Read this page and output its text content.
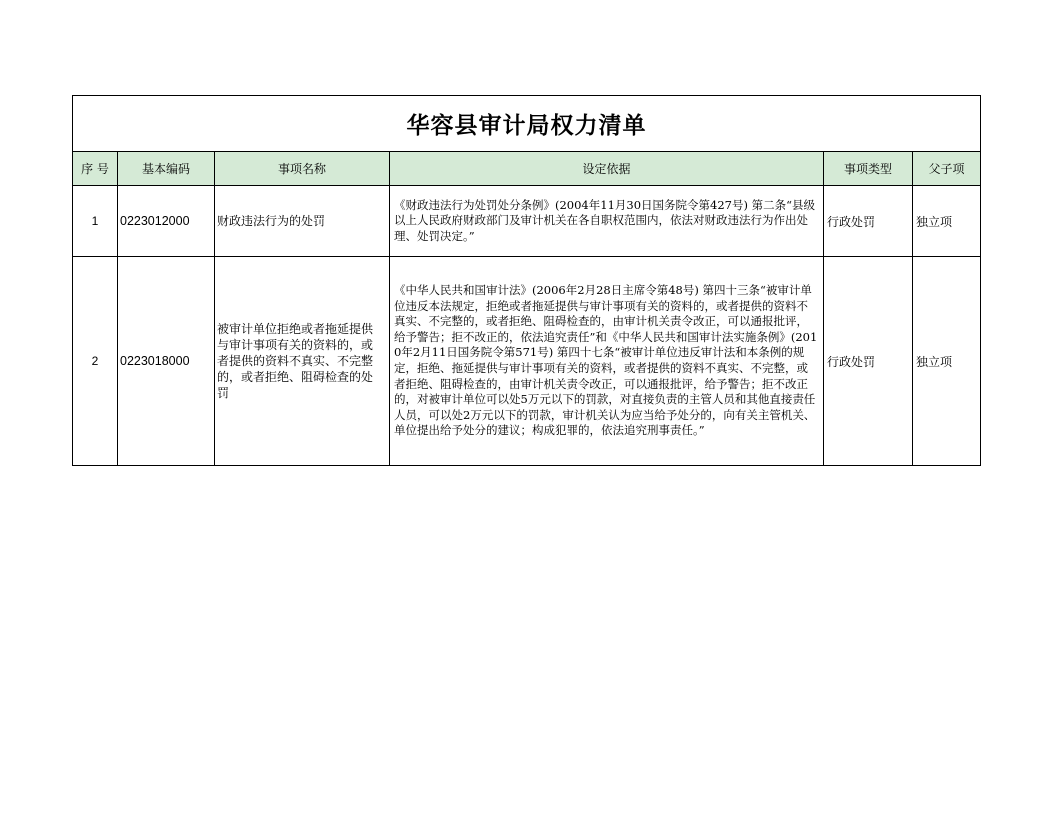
华容县审计局权力清单					
序 号	基本编码	事项名称	设定依据	事项类型	父子项
1	0223012000	财政违法行为的处罚	《财政违法行为处罚处分条例》(2004年11月30日国务院令第427号) 第二条“县级以上人民政府财政部门及审计机关在各自职权范围内，依法对财政违法行为作出处理、处罚决定。”	行政处罚	独立项
2	0223018000	被审计单位拒绝或者拖延提供与审计事项有关的资料的，或者提供的资料不真实、不完整的，或者拒绝、阻碍检查的处罚	《中华人民共和国审计法》(2006年2月28日主席令第48号) 第四十三条“被审计单位违反本法规定，拒绝或者拖延提供与审计事项有关的资料的，或者提供的资料不真实、不完整的，或者拒绝、阻碍检查的，由审计机关责令改正，可以通报批评，给予警告；拒不改正的，依法追究责任”和《中华人民共和国审计法实施条例》(2010年2月11日国务院令第571号) 第四十七条“被审计单位违反审计法和本条例的规定，拒绝、拖延提供与审计事项有关的资料，或者提供的资料不真实、不完整，或者拒绝、阻碍检查的，由审计机关责令改正，可以通报批评，给予警告；拒不改正的，对被审计单位可以处5万元以下的罚款，对直接负责的主管人员和其他直接责任人员，可以处2万元以下的罚款，审计机关认为应当给予处分的，向有关主管机关、单位提出给予处分的建议；构成犯罪的，依法追究刑事责任。”	行政处罚	独立项
